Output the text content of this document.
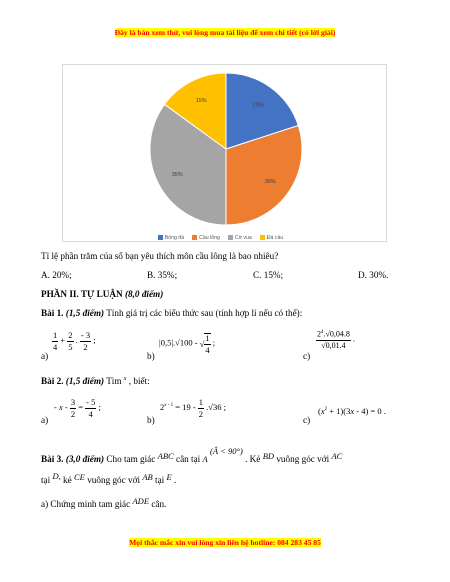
Đây là bản xem thử, vui lòng mua tài liệu để xem chi tiết (có lời giải)
20%
30%
35%
15%
Bóng đá	Cầu lông	Cờ vua	Đá cầu
Tỉ lệ phần trăm của số bạn yêu thích môn cầu lông là bao nhiêu?
A. 20%;	B. 35%;	C. 15%;	D. 30%.
PHẦN II. TỰ LUẬN (8,0 điểm)
Bài 1. (1,5 điểm) Tính giá trị các biểu thức sau (tính hợp lí nếu có thể):
a)
$\frac{1}{4} + \frac{2}{5}$ . $\frac{- 3}{2}$ ;
b)
|0,5|.√100 - √ $\frac{1}{4}$ ;
c)
$\frac{2^4.√0,04.8}{√0,01.4}$ .
Bài 2. (1,5 điểm) Tìm $^x$ , biết:
a)
- $x - \frac{3}{2} = \frac{- 5}{4}$ ;
b)
$2^{x - 1} = 19 - \frac{1}{2} .√36$ ;
c)
$(x^2 + 1)(3x - 4) = 0$ .
Bài 3. (3,0 điểm) Cho tam giác ABC cân tại A (Â < 90°) . Kẻ BD vuông góc với AC
tại D, kẻ CE vuông góc với AB tại E .
a) Chứng minh tam giác ADE cân.
Mọi thắc mắc xin vui lòng xin liên hệ hotline: 084 283 45 85
